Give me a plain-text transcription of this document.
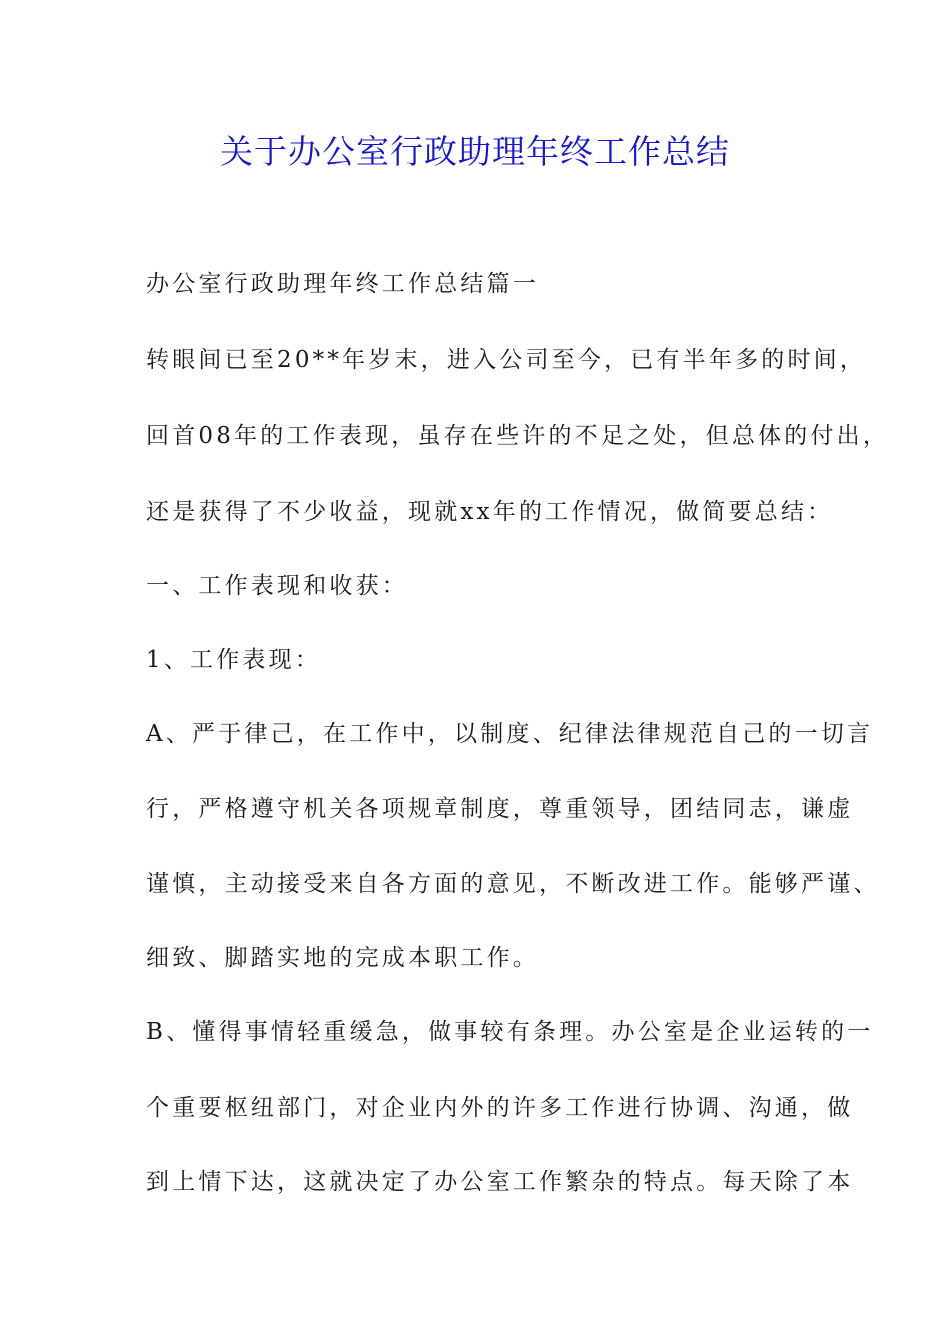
关于办公室行政助理年终工作总结

办公室行政助理年终工作总结篇一

转眼间已至20**年岁末，进入公司至今，已有半年多的时间，

回首08年的工作表现，虽存在些许的不足之处，但总体的付出，

还是获得了不少收益，现就xx年的工作情况，做简要总结：

一、工作表现和收获：

1、工作表现：

A、严于律己，在工作中，以制度、纪律法律规范自己的一切言

行，严格遵守机关各项规章制度，尊重领导，团结同志，谦虚

谨慎，主动接受来自各方面的意见，不断改进工作。能够严谨、

细致、脚踏实地的完成本职工作。

B、懂得事情轻重缓急，做事较有条理。办公室是企业运转的一

个重要枢纽部门，对企业内外的许多工作进行协调、沟通，做

到上情下达，这就决定了办公室工作繁杂的特点。每天除了本
